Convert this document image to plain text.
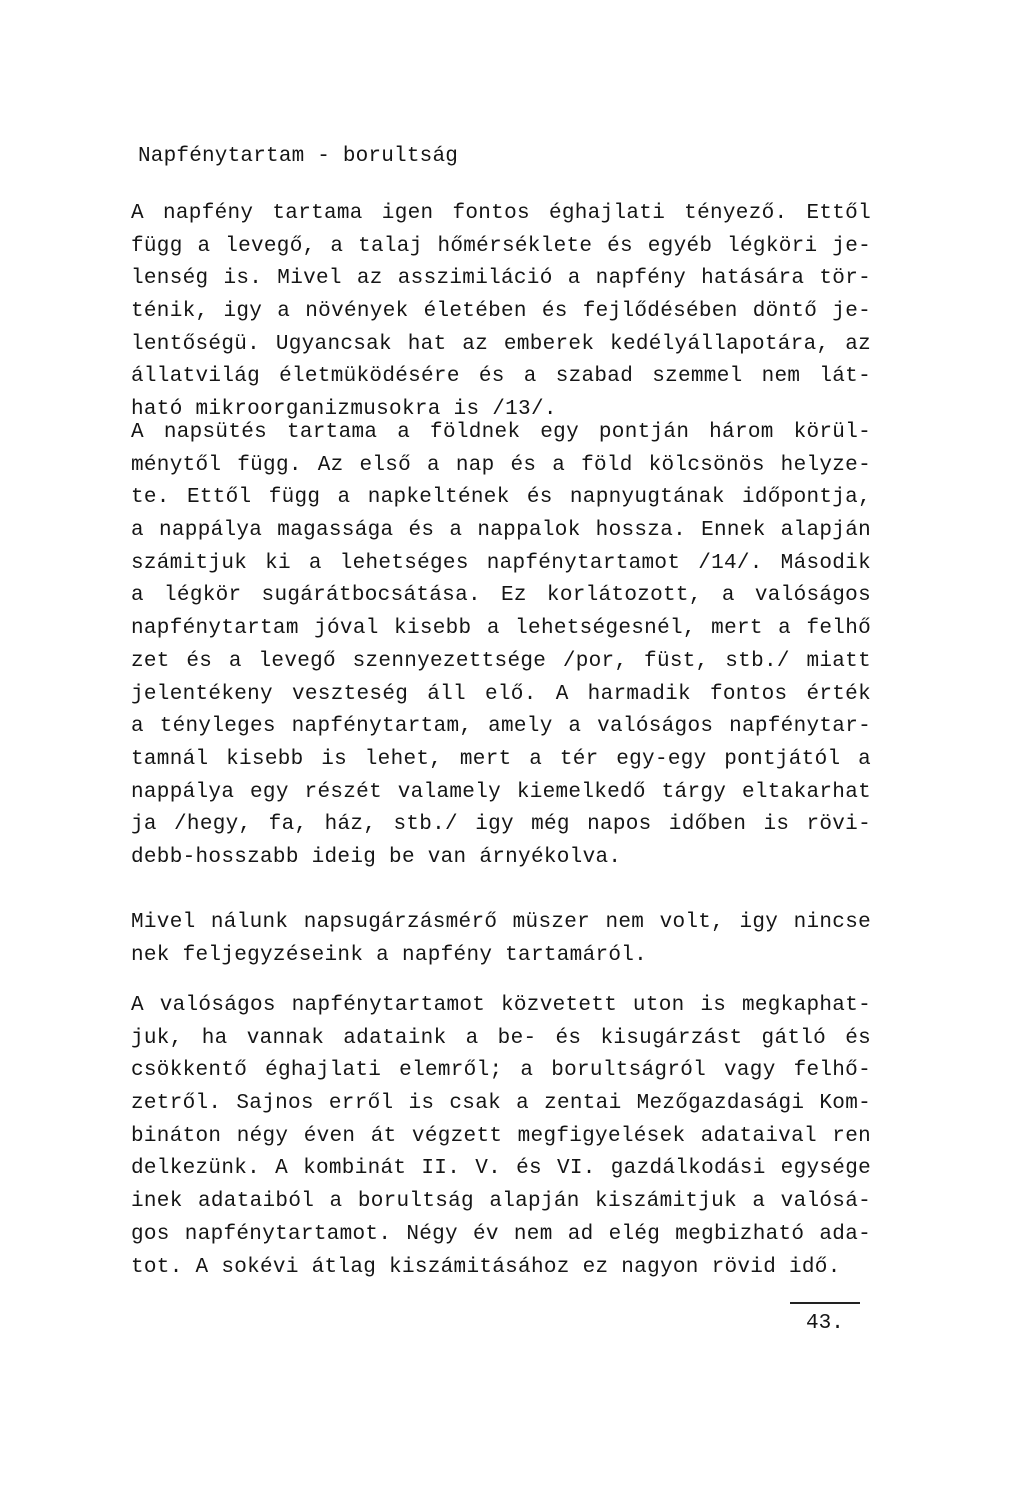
Napfénytartam - borultság
A napfény tartama igen fontos éghajlati tényező. Ettől
függ a levegő, a talaj hőmérséklete és egyéb légköri je-
lenség is. Mivel az asszimiláció a napfény hatására tör-
ténik, igy a növények életében és fejlődésében döntő je-
lentőségü. Ugyancsak hat az emberek kedélyállapotára, az
állatvilág életmüködésére és a szabad szemmel nem lát-
ható mikroorganizmusokra is /13/.
A napsütés tartama a földnek egy pontján három körül-
ménytől függ. Az első a nap és a föld kölcsönös helyze-
te. Ettől függ a napkeltének és napnyugtának időpontja,
a nappálya magassága és a nappalok hossza. Ennek alapján
számitjuk ki a lehetséges napfénytartamot /14/. Második
a légkör sugárátbocsátása. Ez korlátozott, a valóságos
napfénytartam jóval kisebb a lehetségesnél, mert a felhő
zet és a levegő szennyezettsége /por, füst, stb./ miatt
jelentékeny veszteség áll elő. A harmadik fontos érték
a tényleges napfénytartam, amely a valóságos napfénytar-
tamnál kisebb is lehet, mert a tér egy-egy pontjától a
nappálya egy részét valamely kiemelkedő tárgy eltakarhat
ja /hegy, fa, ház, stb./ igy még napos időben is rövi-
debb-hosszabb ideig be van árnyékolva.
Mivel nálunk napsugárzásmérő müszer nem volt, igy nincse
nek feljegyzéseink a napfény tartamáról.
A valóságos napfénytartamot közvetett uton is megkaphat-
juk, ha vannak adataink a be- és kisugárzást gátló és
csökkentő éghajlati elemről; a borultságról vagy felhő-
zetről. Sajnos erről is csak a zentai Mezőgazdasági Kom-
bináton négy éven át végzett megfigyelések adataival ren
delkezünk. A kombinát II. V. és VI. gazdálkodási egysége
inek adataiból a borultság alapján kiszámitjuk a valósá-
gos napfénytartamot. Négy év nem ad elég megbizható ada-
tot. A sokévi átlag kiszámitásához ez nagyon rövid idő.
43.
